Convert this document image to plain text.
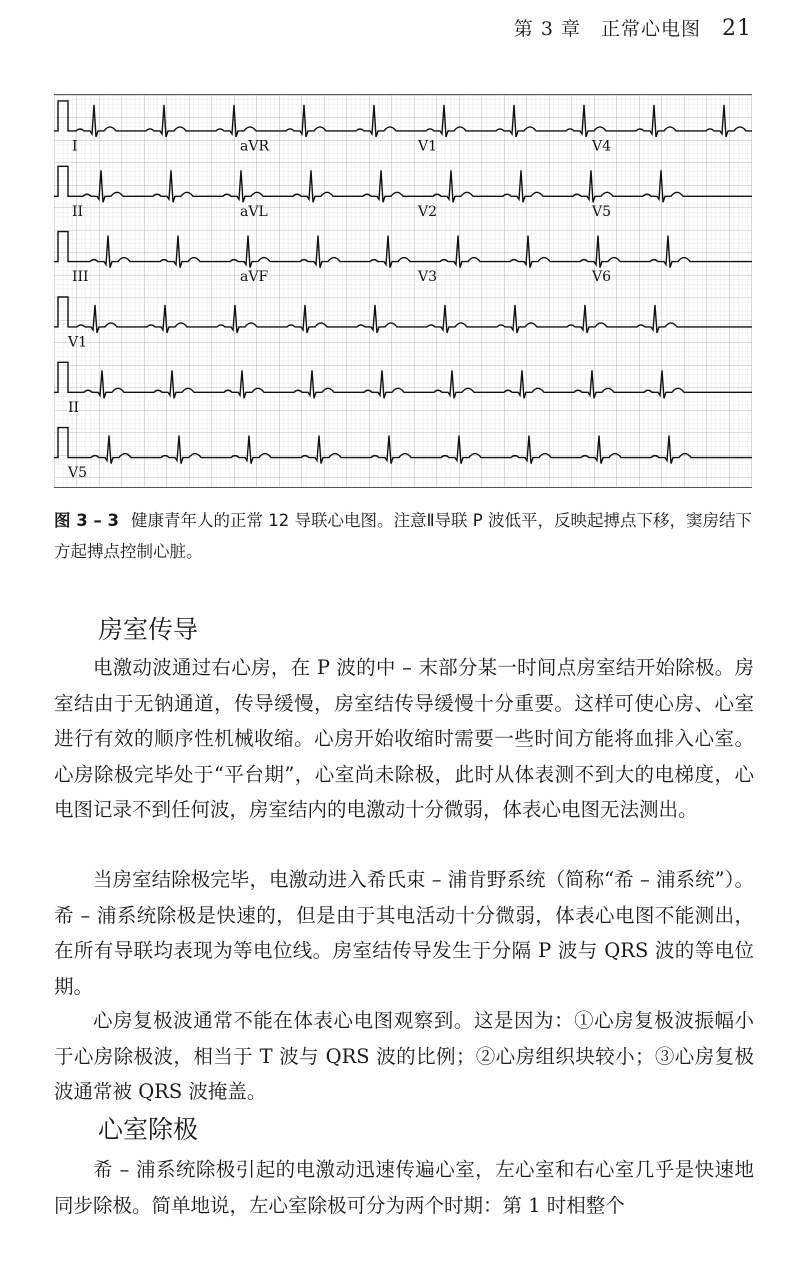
第 3 章　正常心电图 21
I	aVR	V1	V4
II	aVL	V2	V5
III	aVF	V3	V6
V1
II
V5
图 3 – 3 健康青年人的正常 12 导联心电图。注意Ⅱ导联 P 波低平，反映起搏点下移，窦房结下方起搏点控制心脏。
房室传导

电激动波通过右心房，在 P 波的中 – 末部分某一时间点房室结开始除极。房室结由于无钠通道，传导缓慢，房室结传导缓慢十分重要。这样可使心房、心室进行有效的顺序性机械收缩。心房开始收缩时需要一些时间方能将血排入心室。心房除极完毕处于“平台期”，心室尚未除极，此时从体表测不到大的电梯度，心电图记录不到任何波，房室结内的电激动十分微弱，体表心电图无法测出。

当房室结除极完毕，电激动进入希氏束 – 浦肯野系统（简称“希 – 浦系统”）。希 – 浦系统除极是快速的，但是由于其电活动十分微弱，体表心电图不能测出，在所有导联均表现为等电位线。房室结传导发生于分隔 P 波与 QRS 波的等电位期。

心房复极波通常不能在体表心电图观察到。这是因为：①心房复极波振幅小于心房除极波，相当于 T 波与 QRS 波的比例；②心房组织块较小；③心房复极波通常被 QRS 波掩盖。

心室除极

希 – 浦系统除极引起的电激动迅速传遍心室，左心室和右心室几乎是快速地同步除极。简单地说，左心室除极可分为两个时期：第 1 时相整个
